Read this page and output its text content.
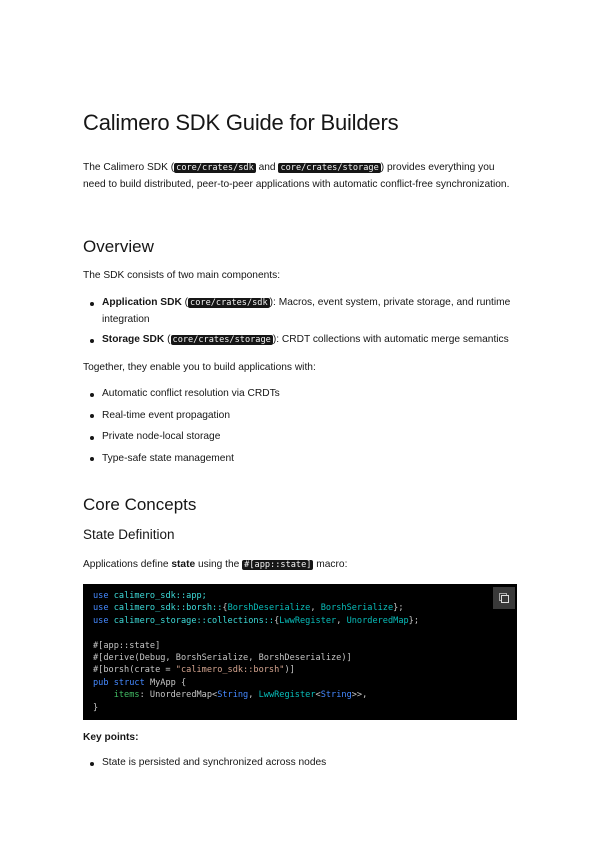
Calimero SDK Guide for Builders

The Calimero SDK ( core/crates/sdk and core/crates/storage ) provides everything you need to build distributed, peer-to-peer applications with automatic conflict-free synchronization.

Overview

The SDK consists of two main components:

Application SDK ( core/crates/sdk ): Macros, event system, private storage, and runtime integration
Storage SDK ( core/crates/storage ): CRDT collections with automatic merge semantics

Together, they enable you to build applications with:

Automatic conflict resolution via CRDTs
Real-time event propagation
Private node-local storage
Type-safe state management
Core Concepts
State Definition

Applications define state using the #[app::state] macro:

use calimero_sdk::app;
use calimero_sdk::borsh::{BorshDeserialize, BorshSerialize};
use calimero_storage::collections::{LwwRegister, UnorderedMap};

#[app::state]
#[derive(Debug, BorshSerialize, BorshDeserialize)]
#[borsh(crate = "calimero_sdk::borsh")]
pub struct MyApp {
items: UnorderedMap<String, LwwRegister<String>>,
}

Key points:

State is persisted and synchronized across nodes
